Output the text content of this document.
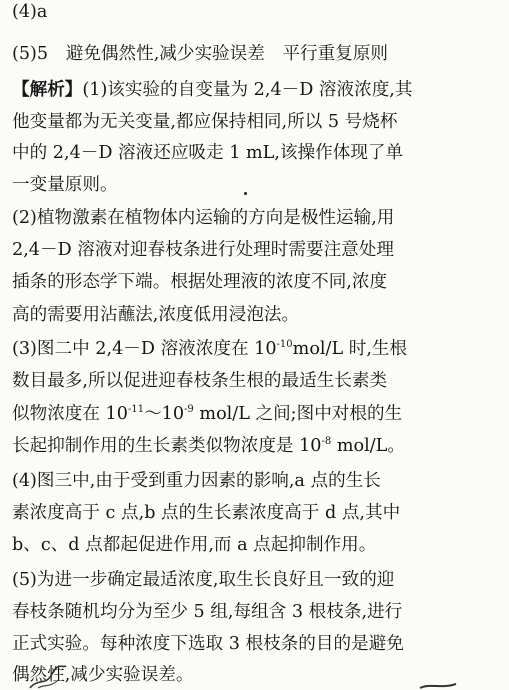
(4)a
(5)5　避免偶然性,减少实验误差　平行重复原则
【解析】(1)该实验的自变量为 2,4－D 溶液浓度,其
他变量都为无关变量,都应保持相同,所以 5 号烧杯
中的 2,4－D 溶液还应吸走 1 mL,该操作体现了单
一变量原则。
(2)植物激素在植物体内运输的方向是极性运输,用
2,4－D 溶液对迎春枝条进行处理时需要注意处理
插条的形态学下端。根据处理液的浓度不同,浓度
高的需要用沾蘸法,浓度低用浸泡法。
(3)图二中 2,4－D 溶液浓度在 $10^{-10}mol/L$ 时,生根
数目最多,所以促进迎春枝条生根的最适生长素类
似物浓度在 $10^{-11}\sim 10^{-9}$ mol/L 之间;图中对根的生
长起抑制作用的生长素类似物浓度是 $10^{-8}$ mol/L。
(4)图三中,由于受到重力因素的影响,a 点的生长
素浓度高于 c 点,b 点的生长素浓度高于 d 点,其中
b、c、d 点都起促进作用,而 a 点起抑制作用。
(5)为进一步确定最适浓度,取生长良好且一致的迎
春枝条随机均分为至少 5 组,每组含 3 根枝条,进行
正式实验。每种浓度下选取 3 根枝条的目的是避免
偶然性,减少实验误差。
